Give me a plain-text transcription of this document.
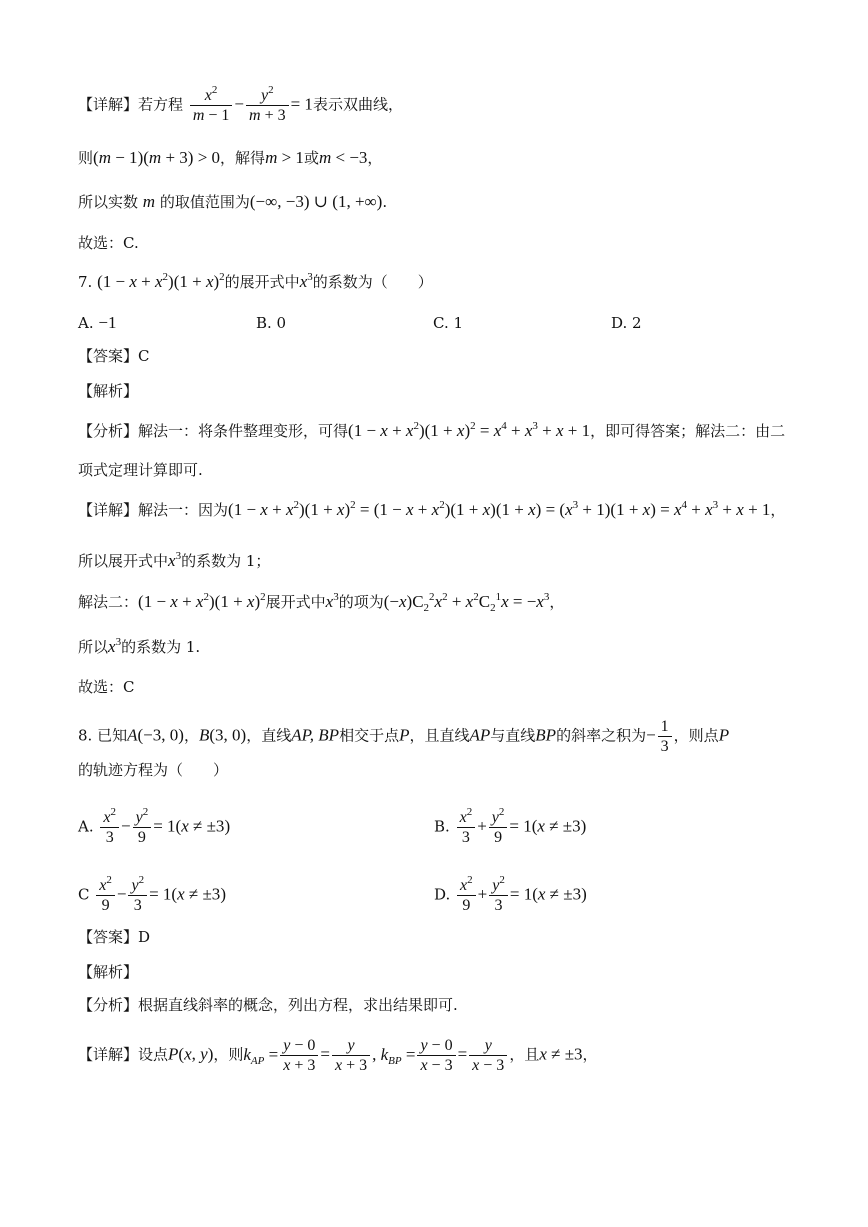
【详解】若方程 $\frac{x^2}{m - 1} - \frac{y^2}{m + 3} = 1$表示双曲线，
则(m − 1)(m + 3) > 0，解得m > 1或m < −3，
所以实数 m 的取值范围为(−∞, −3) ∪ (1, +∞).
故选：C.
7. $(1 - x + x^2)(1 + x)^2$的展开式中$x^3$的系数为（　　）
A. −1	B. 0	C. 1	D. 2
【答案】C
【解析】
【分析】解法一：将条件整理变形，可得$(1 - x + x^2)(1 + x)^2 = x^4 + x^3 + x + 1$，即可得答案；解法二：由二
项式定理计算即可.
【详解】解法一：因为$(1 - x + x^2)(1 + x)^2 = (1 - x + x^2)(1 + x)(1 + x) = (x^3 + 1)(1 + x) = x^4 + x^3 + x + 1$，
所以展开式中$x^3$的系数为 1；
解法二：$(1 - x + x^2)(1 + x)^2$展开式中$x^3$的项为$(-x)C_2^2x^2 + x^2C_2^1x = -x^3$，
所以$x^3$的系数为 1.
故选：C
8. 已知A(−3, 0)，B(3, 0)，直线AP, BP相交于点P，且直线AP与直线BP的斜率之积为− $\frac{1}{3}$ ，则点P
的轨迹方程为（　　）
A. $\frac{x^2}{3} - \frac{y^2}{9} = 1(x \ne \pm 3)$	B. $\frac{x^2}{3} + \frac{y^2}{9} = 1(x \ne \pm 3)$
C $\frac{x^2}{9} - \frac{y^2}{3} = 1(x \ne \pm 3)$	D. $\frac{x^2}{9} + \frac{y^2}{3} = 1(x \ne \pm 3)$
【答案】D
【解析】
【分析】根据直线斜率的概念，列出方程，求出结果即可.
【详解】设点P(x, y)，则$k_{AP} = \frac{y - 0}{x + 3} = \frac{y}{x + 3}$ , $k_{BP} = \frac{y - 0}{x - 3} = \frac{y}{x - 3}$ ，且x ≠ ±3，
